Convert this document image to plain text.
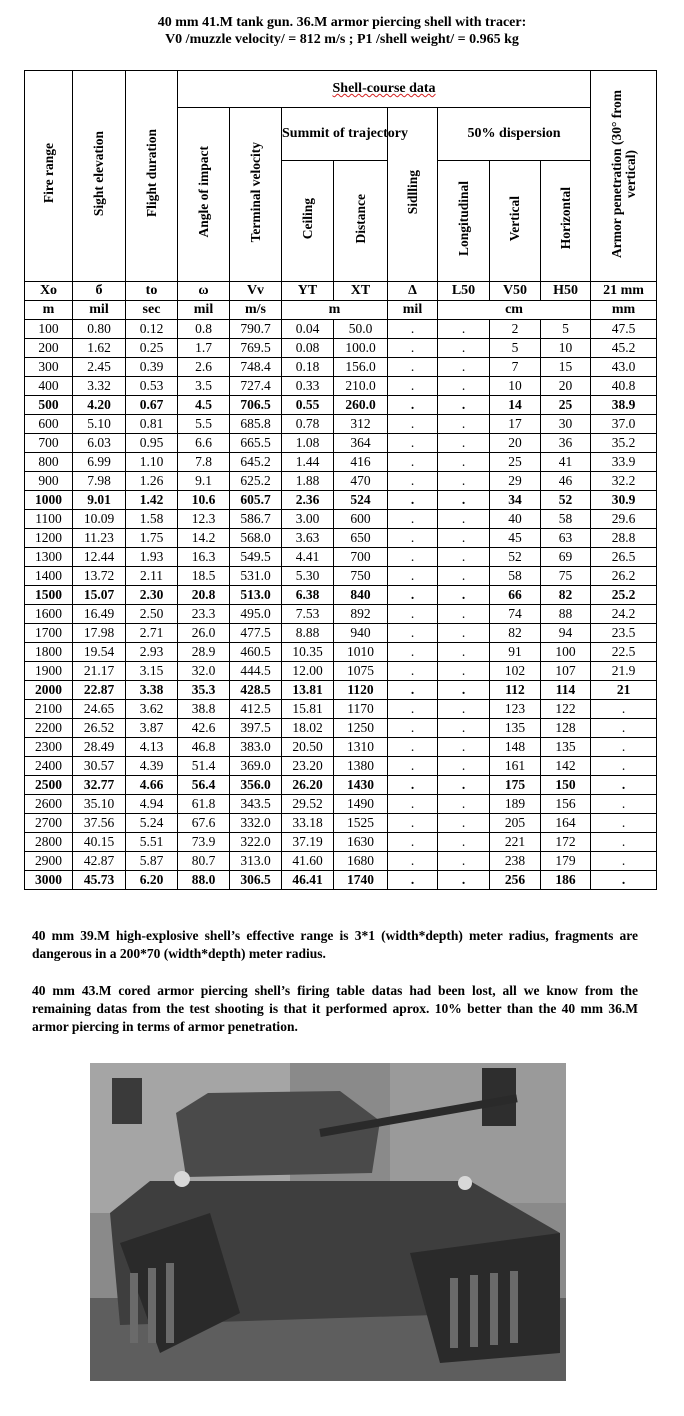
40 mm 41.M tank gun. 36.M armor piercing shell with tracer:
V0 /muzzle velocity/ = 812 m/s ; P1 /shell weight/ = 0.965 kg
Fire range	Sight elevation	Flight duration	Shell-course data								Armor penetration (30° from vertical)
			Angle of impact	Terminal velocity	Summit of trajectory		Sidlling	50% dispersion			
					Ceiling	Distance		Longitudinal	Vertical	Horizontal	
Xo	б	to	ω	Vv	YT	XT	Δ	L50	V50	H50	21 mm
m	mil	sec	mil	m/s	m		mil	cm			mm
100	0.80	0.12	0.8	790.7	0.04	50.0	.	.	2	5	47.5
200	1.62	0.25	1.7	769.5	0.08	100.0	.	.	5	10	45.2
300	2.45	0.39	2.6	748.4	0.18	156.0	.	.	7	15	43.0
400	3.32	0.53	3.5	727.4	0.33	210.0	.	.	10	20	40.8
500	4.20	0.67	4.5	706.5	0.55	260.0	.	.	14	25	38.9
600	5.10	0.81	5.5	685.8	0.78	312	.	.	17	30	37.0
700	6.03	0.95	6.6	665.5	1.08	364	.	.	20	36	35.2
800	6.99	1.10	7.8	645.2	1.44	416	.	.	25	41	33.9
900	7.98	1.26	9.1	625.2	1.88	470	.	.	29	46	32.2
1000	9.01	1.42	10.6	605.7	2.36	524	.	.	34	52	30.9
1100	10.09	1.58	12.3	586.7	3.00	600	.	.	40	58	29.6
1200	11.23	1.75	14.2	568.0	3.63	650	.	.	45	63	28.8
1300	12.44	1.93	16.3	549.5	4.41	700	.	.	52	69	26.5
1400	13.72	2.11	18.5	531.0	5.30	750	.	.	58	75	26.2
1500	15.07	2.30	20.8	513.0	6.38	840	.	.	66	82	25.2
1600	16.49	2.50	23.3	495.0	7.53	892	.	.	74	88	24.2
1700	17.98	2.71	26.0	477.5	8.88	940	.	.	82	94	23.5
1800	19.54	2.93	28.9	460.5	10.35	1010	.	.	91	100	22.5
1900	21.17	3.15	32.0	444.5	12.00	1075	.	.	102	107	21.9
2000	22.87	3.38	35.3	428.5	13.81	1120	.	.	112	114	21
2100	24.65	3.62	38.8	412.5	15.81	1170	.	.	123	122	.
2200	26.52	3.87	42.6	397.5	18.02	1250	.	.	135	128	.
2300	28.49	4.13	46.8	383.0	20.50	1310	.	.	148	135	.
2400	30.57	4.39	51.4	369.0	23.20	1380	.	.	161	142	.
2500	32.77	4.66	56.4	356.0	26.20	1430	.	.	175	150	.
2600	35.10	4.94	61.8	343.5	29.52	1490	.	.	189	156	.
2700	37.56	5.24	67.6	332.0	33.18	1525	.	.	205	164	.
2800	40.15	5.51	73.9	322.0	37.19	1630	.	.	221	172	.
2900	42.87	5.87	80.7	313.0	41.60	1680	.	.	238	179	.
3000	45.73	6.20	88.0	306.5	46.41	1740	.	.	256	186	.
40 mm 39.M high-explosive shell’s effective range is 3*1 (width*depth) meter radius, fragments are dangerous in a 200*70 (width*depth) meter radius.
40 mm 43.M cored armor piercing shell’s firing table datas had been lost, all we know from the remaining datas from the test shooting is that it performed aprox. 10% better than the 40 mm 36.M armor piercing in terms of armor penetration.
